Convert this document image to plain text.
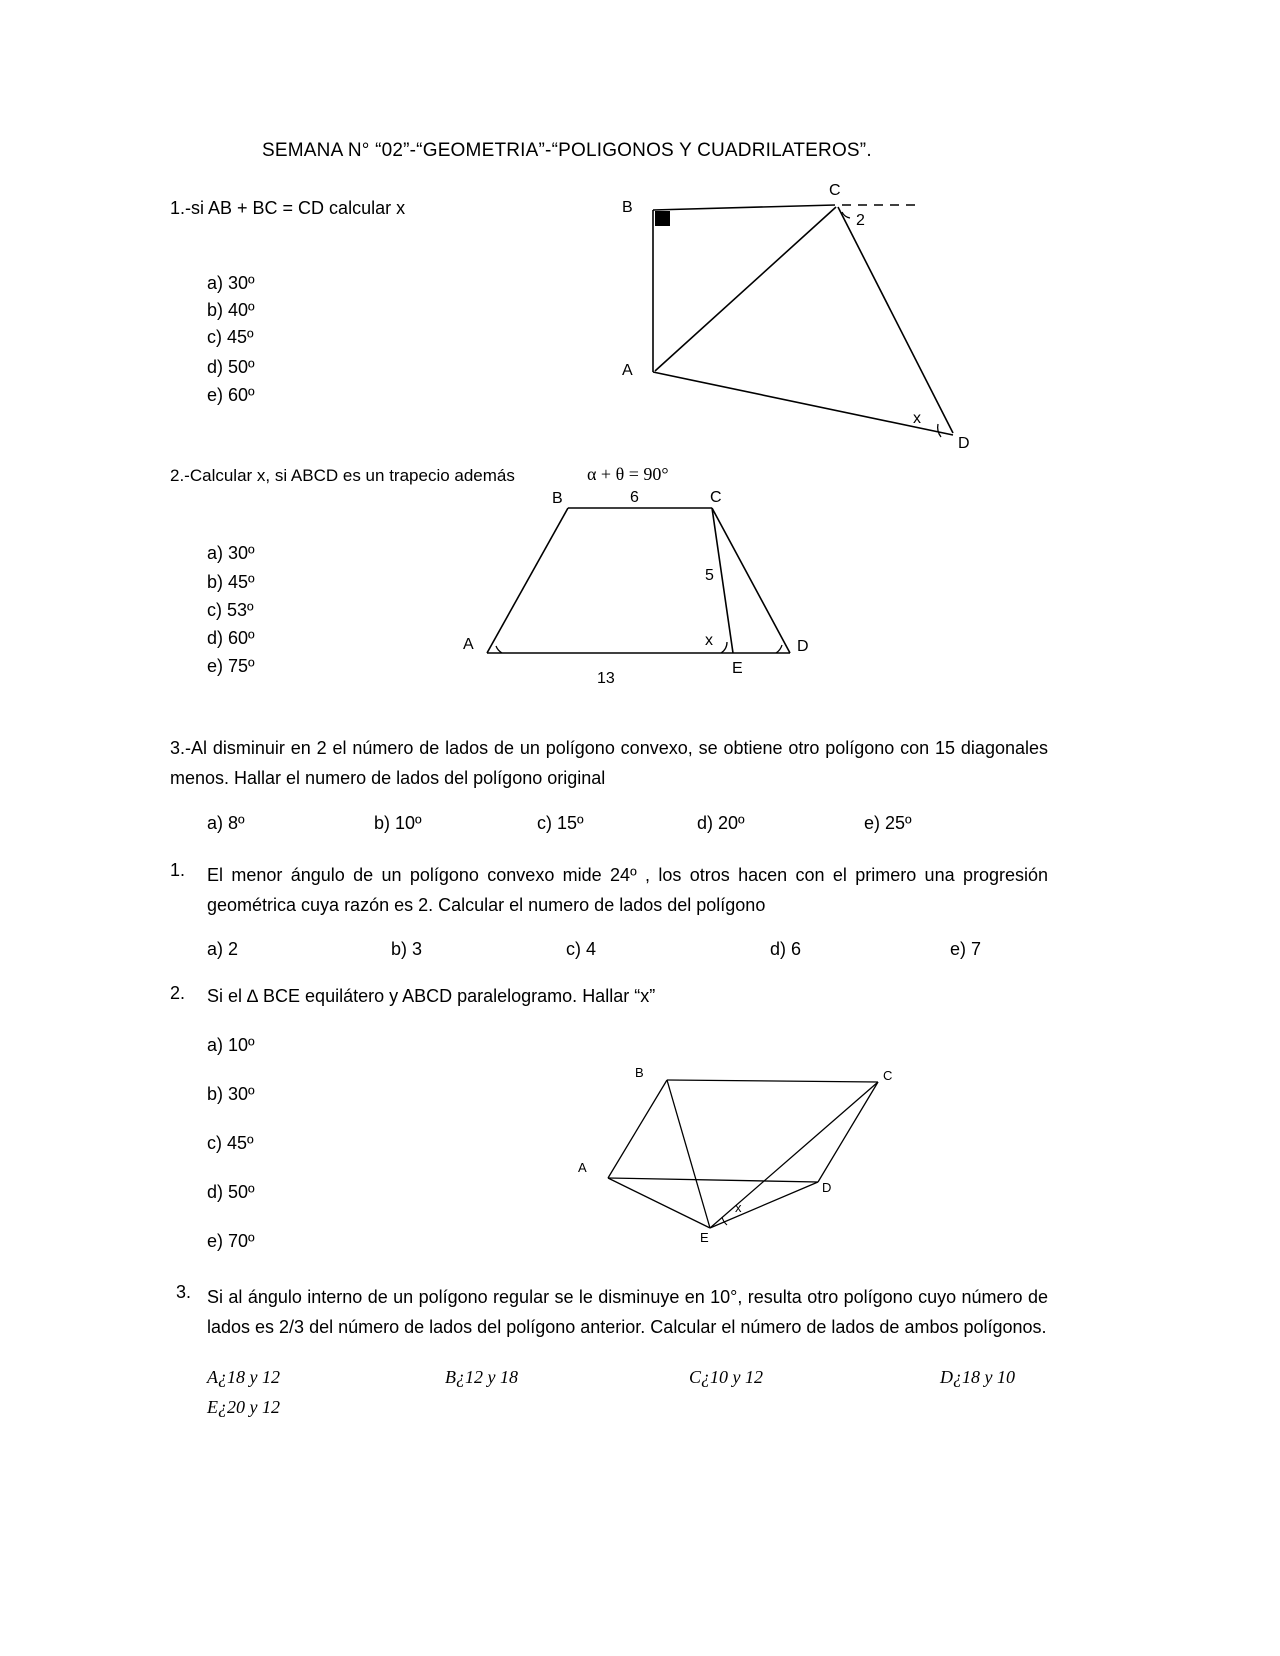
SEMANA N° “02”-“GEOMETRIA”-“POLIGONOS Y CUADRILATEROS”.
1.-si AB + BC = CD calcular x
a) 30º
b) 40º
c) 45º
d) 50º
e) 60º
B
C
A
D
x
2
2.-Calcular x, si ABCD es un trapecio además	α + θ = 90°
a) 30º
b) 45º
c) 53º
d) 60º
e) 75º
B	C
A	D
E
x
6
5
13
3.-Al disminuir en 2 el número de lados de un polígono convexo, se obtiene otro polígono con 15 diagonales menos. Hallar el numero de lados del polígono original
a) 8º	b) 10º	c) 15º	d) 20º	e) 25º
1. El menor ángulo de un polígono convexo mide 24º , los otros hacen con el primero una progresión geométrica cuya razón es 2. Calcular el numero de lados del polígono
a) 2	b) 3	c) 4	d) 6	e) 7
2. Si el ∆ BCE equilátero y ABCD paralelogramo. Hallar “x”
a) 10º
b) 30º
c) 45º
d) 50º
e) 70º
B	C
A
D
E
x
3. Si al ángulo interno de un polígono regular se le disminuye en 10°, resulta otro polígono cuyo número de lados es 2/3 del número de lados del polígono anterior. Calcular el número de lados de ambos polígonos.
A¿18 y 12	B¿12 y 18	C¿10 y 12	D¿18 y 10
E¿20 y 12
